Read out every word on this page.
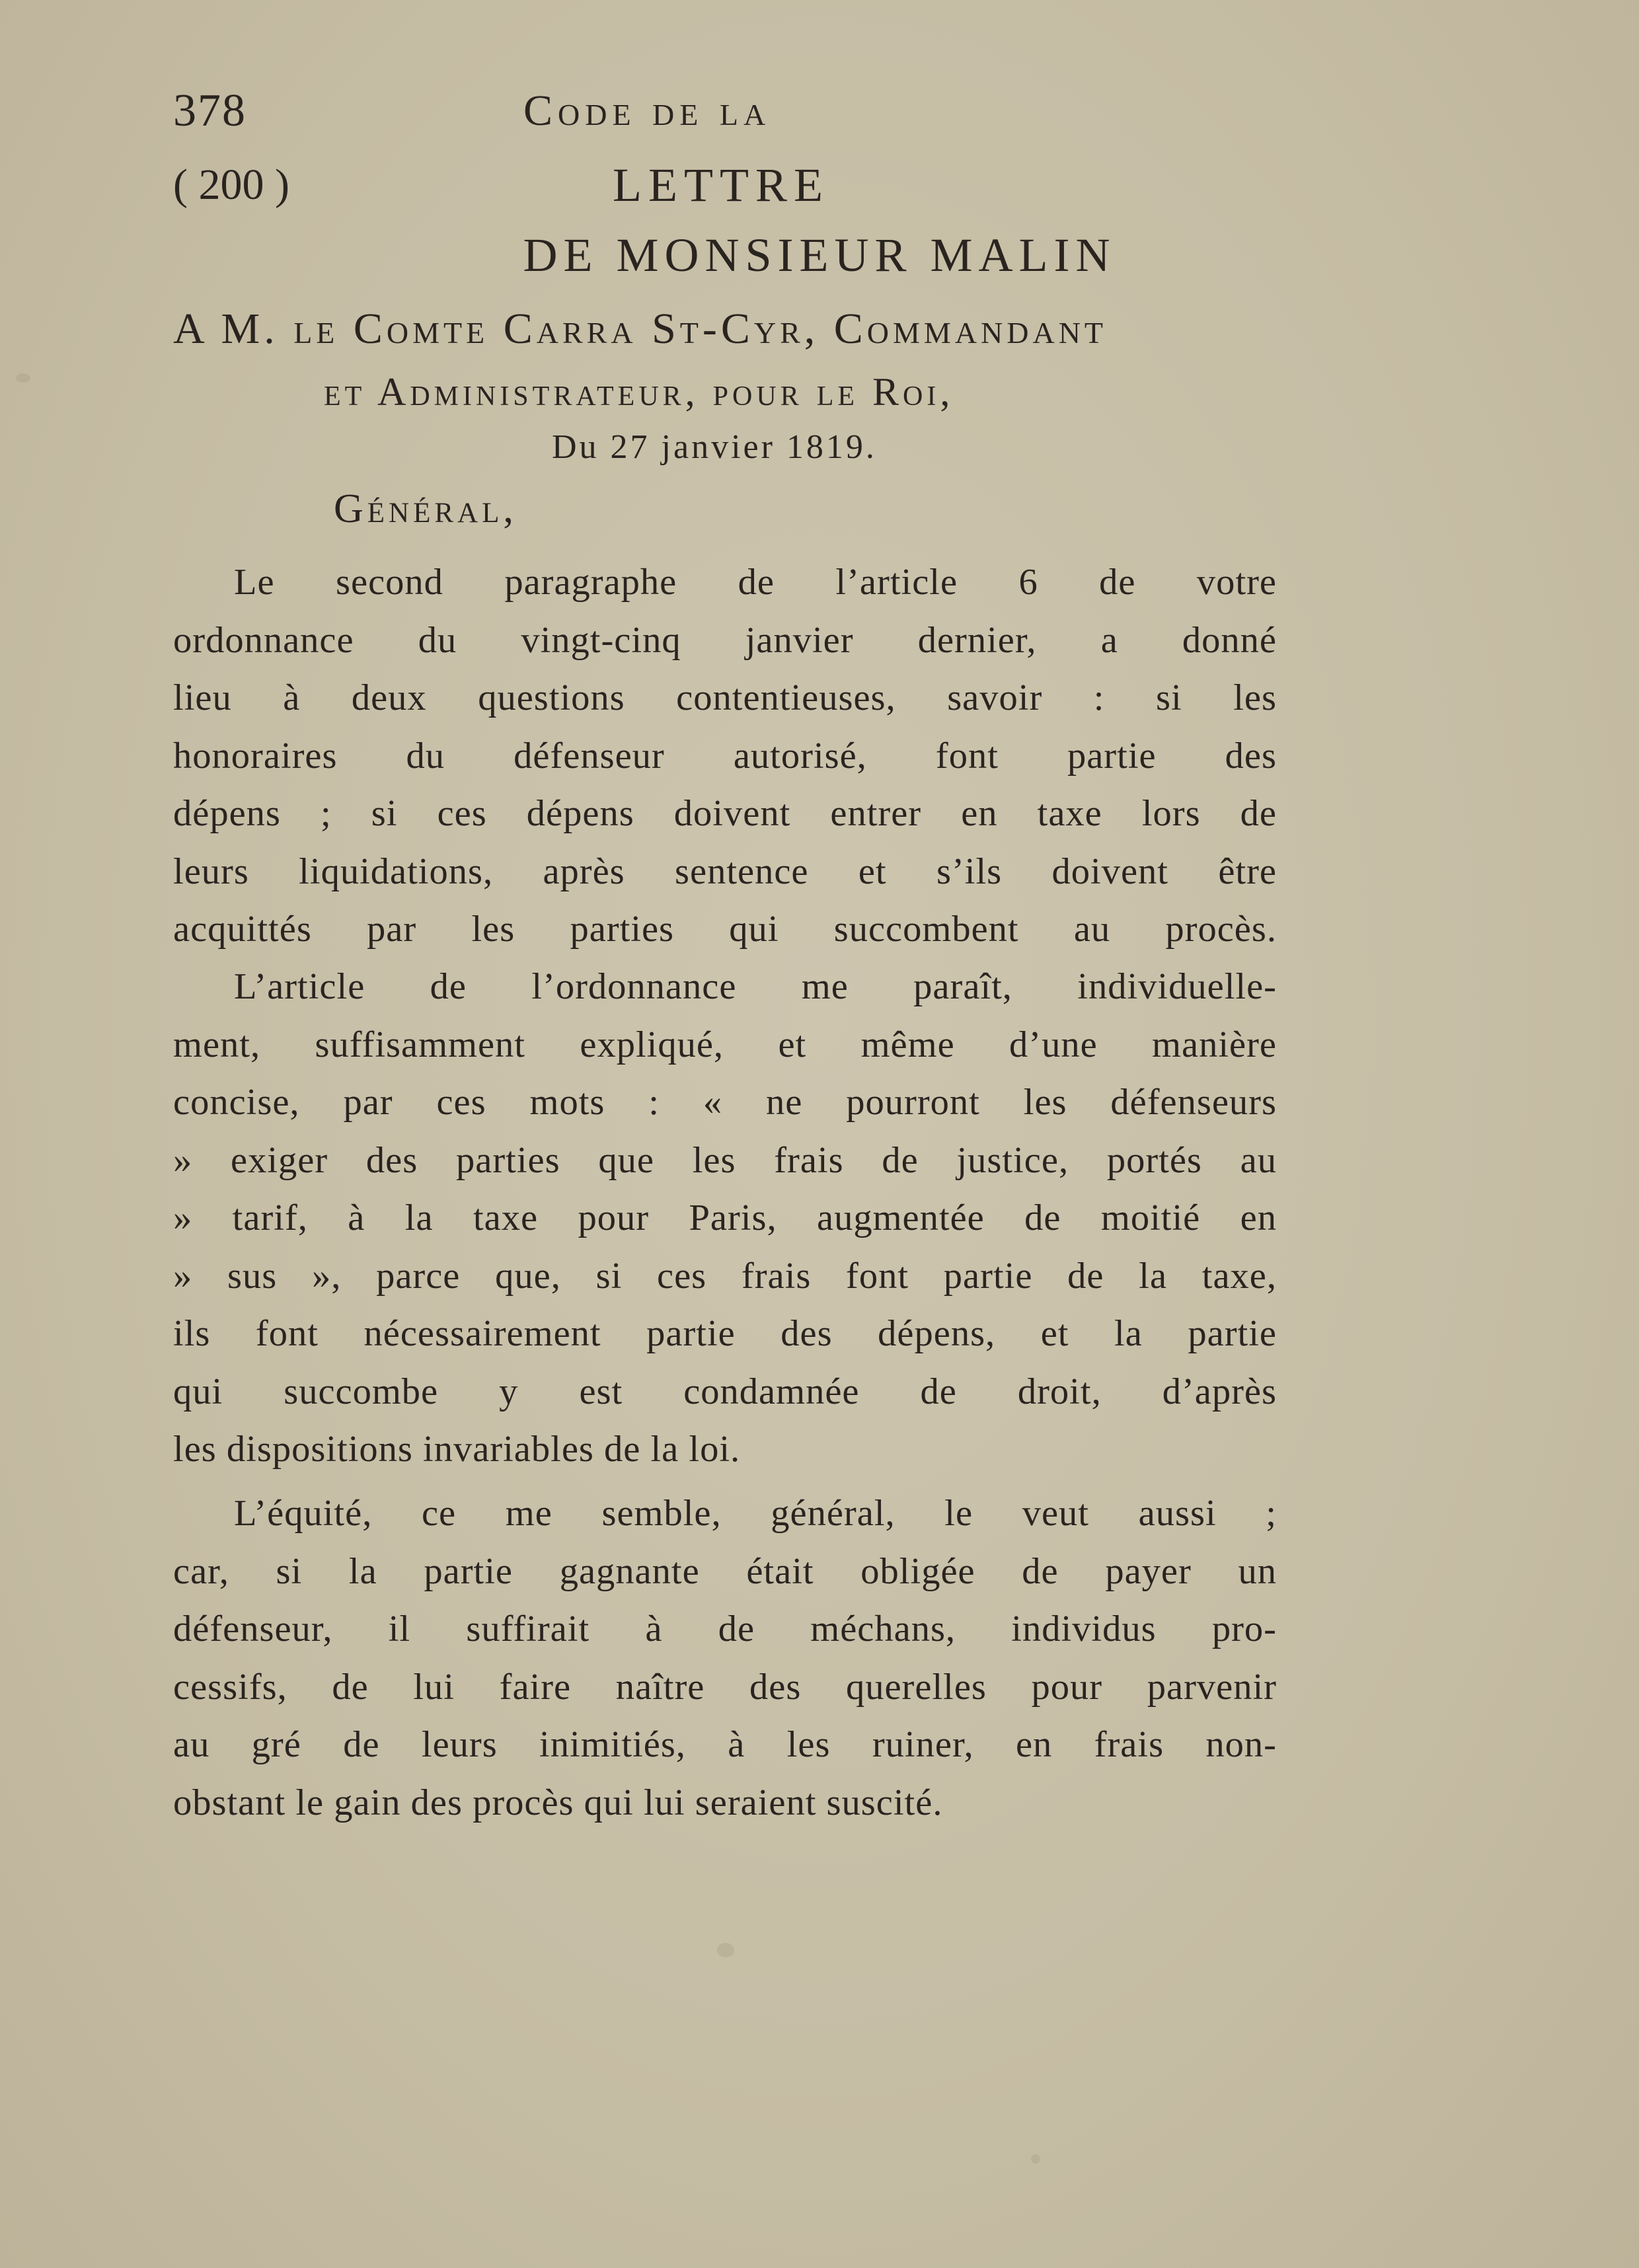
378	Code de la
( 200 )	LETTRE
DE MONSIEUR MALIN
A M. le Comte Carra St-Cyr, Commandant
et Administrateur, pour le Roi,
Du 27 janvier 1819.
Général,
Le second paragraphe de l’article 6 de votre
ordonnance du vingt-cinq janvier dernier, a donné
lieu à deux questions contentieuses, savoir : si les
honoraires du défenseur autorisé, font partie des
dépens ; si ces dépens doivent entrer en taxe lors de
leurs liquidations, après sentence et s’ils doivent être
acquittés par les parties qui succombent au procès.
L’article de l’ordonnance me paraît, individuelle-
ment, suffisamment expliqué, et même d’une manière
concise, par ces mots : « ne pourront les défenseurs
» exiger des parties que les frais de justice, portés au
» tarif, à la taxe pour Paris, augmentée de moitié en
» sus », parce que, si ces frais font partie de la taxe,
ils font nécessairement partie des dépens, et la partie
qui succombe y est condamnée de droit, d’après
les dispositions invariables de la loi.
L’équité, ce me semble, général, le veut aussi ;
car, si la partie gagnante était obligée de payer un
défenseur, il suffirait à de méchans, individus pro-
cessifs, de lui faire naître des querelles pour parvenir
au gré de leurs inimitiés, à les ruiner, en frais non-
obstant le gain des procès qui lui seraient suscité.
